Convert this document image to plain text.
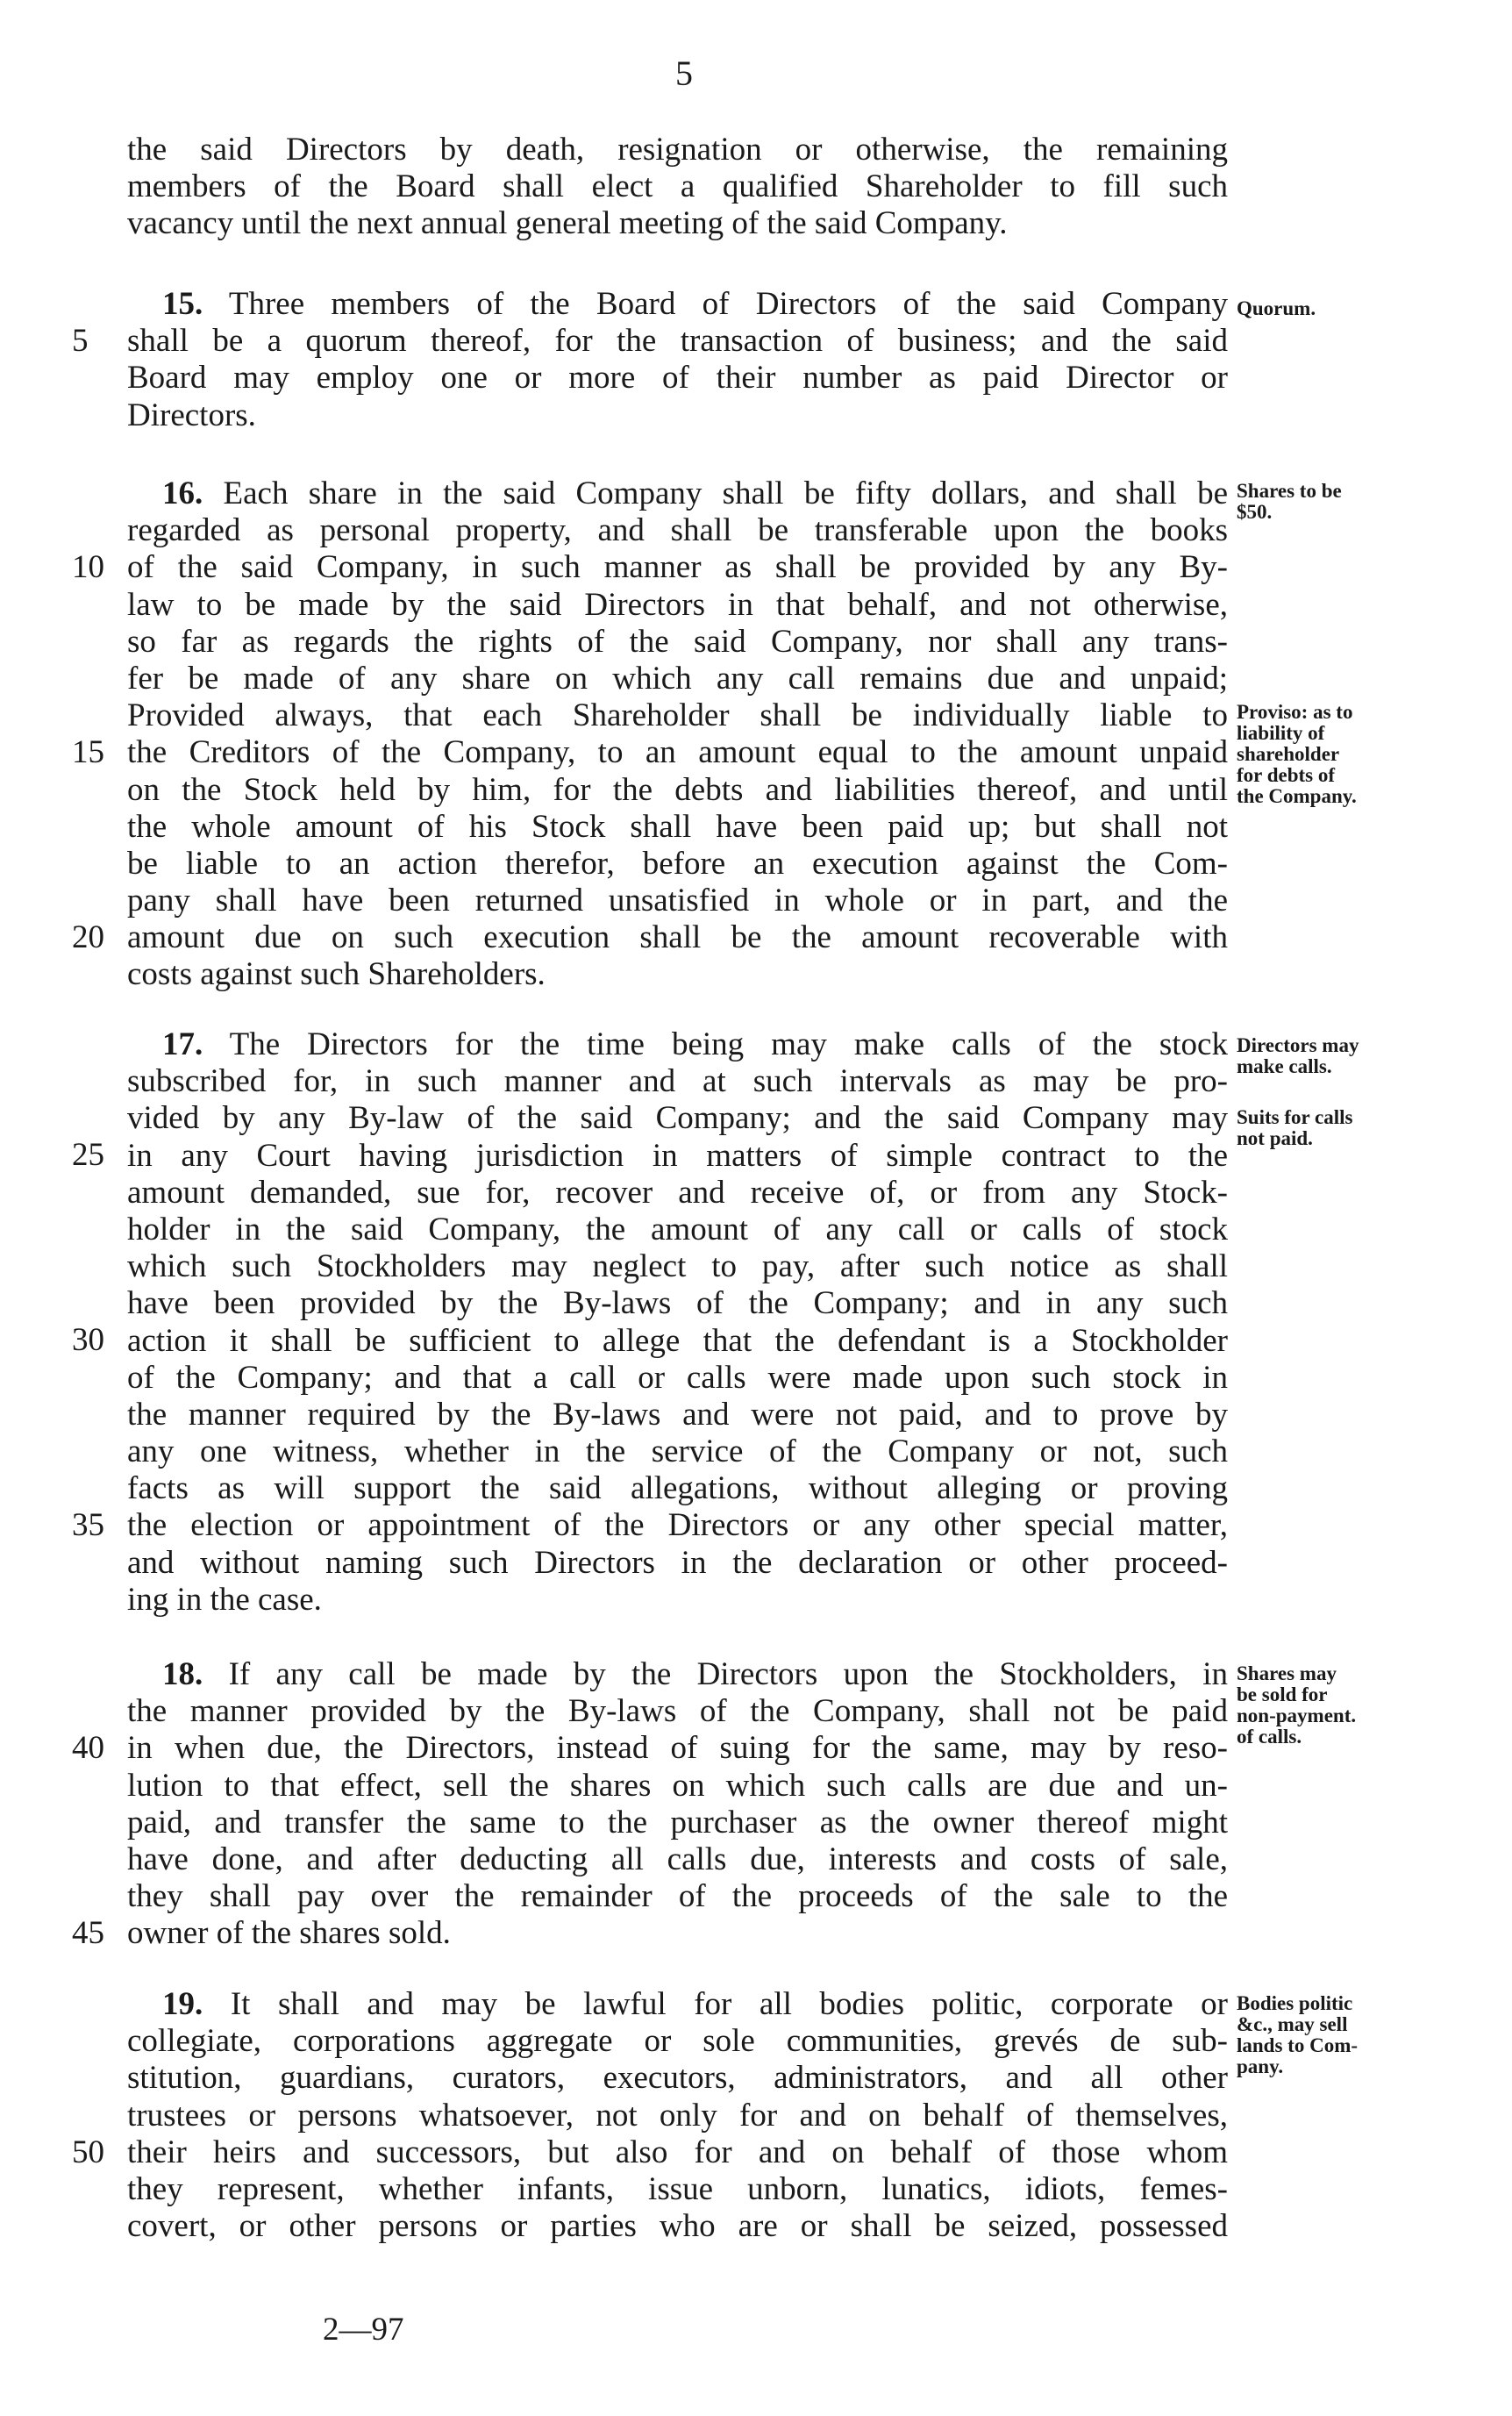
5
the said Directors by death, resignation or otherwise, the remaining
members of the Board shall elect a qualified Shareholder to fill such
vacancy until the next annual general meeting of the said Company.
15. Three members of the Board of Directors of the said Company
shall be a quorum thereof, for the transaction of business; and the said
Board may employ one or more of their number as paid Director or
Directors.
Quorum.
16. Each share in the said Company shall be fifty dollars, and shall be
regarded as personal property, and shall be transferable upon the books
of the said Company, in such manner as shall be provided by any By-
law to be made by the said Directors in that behalf, and not otherwise,
so far as regards the rights of the said Company, nor shall any trans-
fer be made of any share on which any call remains due and unpaid;
Provided always, that each Shareholder shall be individually liable to
the Creditors of the Company, to an amount equal to the amount unpaid
on the Stock held by him, for the debts and liabilities thereof, and until
the whole amount of his Stock shall have been paid up; but shall not
be liable to an action therefor, before an execution against the Com-
pany shall have been returned unsatisfied in whole or in part, and the
amount due on such execution shall be the amount recoverable with
costs against such Shareholders.
Shares to be
$50.
Proviso: as to
liability of
shareholder
for debts of
the Company.
17. The Directors for the time being may make calls of the stock
subscribed for, in such manner and at such intervals as may be pro-
vided by any By-law of the said Company; and the said Company may
in any Court having jurisdiction in matters of simple contract to the
amount demanded, sue for, recover and receive of, or from any Stock-
holder in the said Company, the amount of any call or calls of stock
which such Stockholders may neglect to pay, after such notice as shall
have been provided by the By-laws of the Company; and in any such
action it shall be sufficient to allege that the defendant is a Stockholder
of the Company; and that a call or calls were made upon such stock in
the manner required by the By-laws and were not paid, and to prove by
any one witness, whether in the service of the Company or not, such
facts as will support the said allegations, without alleging or proving
the election or appointment of the Directors or any other special matter,
and without naming such Directors in the declaration or other proceed-
ing in the case.
Directors may
make calls.
Suits for calls
not paid.
18. If any call be made by the Directors upon the Stockholders, in
the manner provided by the By-laws of the Company, shall not be paid
in when due, the Directors, instead of suing for the same, may by reso-
lution to that effect, sell the shares on which such calls are due and un-
paid, and transfer the same to the purchaser as the owner thereof might
have done, and after deducting all calls due, interests and costs of sale,
they shall pay over the remainder of the proceeds of the sale to the
owner of the shares sold.
Shares may
be sold for
non-payment.
of calls.
19. It shall and may be lawful for all bodies politic, corporate or
collegiate, corporations aggregate or sole communities, grevés de sub-
stitution, guardians, curators, executors, administrators, and all other
trustees or persons whatsoever, not only for and on behalf of themselves,
their heirs and successors, but also for and on behalf of those whom
they represent, whether infants, issue unborn, lunatics, idiots, femes-
covert, or other persons or parties who are or shall be seized, possessed
Bodies politic
&c., may sell
lands to Com-
pany.
5
10
15
20
25
30
35
40
45
50
2—97
